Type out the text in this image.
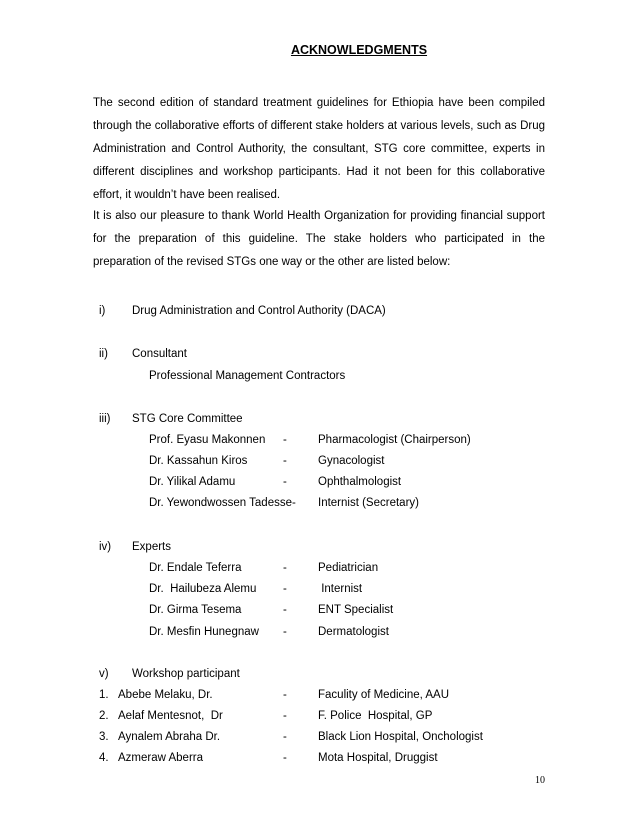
ACKNOWLEDGMENTS

The second edition of standard treatment guidelines for Ethiopia have been compiled through the collaborative efforts of different stake holders at various levels, such as Drug Administration and Control Authority, the consultant, STG core committee, experts in different disciplines and workshop participants. Had it not been for this collaborative effort, it wouldn’t have been realised.

It is also our pleasure to thank World Health Organization for providing financial support for the preparation of this guideline. The stake holders who participated in the preparation of the revised STGs one way or the other are listed below:

i) Drug Administration and Control Authority (DACA)
ii) Consultant
Professional Management Contractors
iii) STG Core Committee
Prof. Eyasu Makonnen -	Pharmacologist (Chairperson)
Dr. Kassahun Kiros	-	Gynacologist
Dr. Yilikal Adamu	-	Ophthalmologist
Dr. Yewondwossen Tadesse- Internist (Secretary)
iv) Experts
Dr. Endale Teferra	-	Pediatrician
Dr.  Hailubeza Alemu -	Internist
Dr. Girma Tesema	-	ENT Specialist
Dr. Mesfin Hunegnaw -	Dermatologist
v) Workshop participant
1. Abebe Melaku, Dr.	-	Faculity of Medicine, AAU
2. Aelaf Mentesnot,  Dr	-	F. Police  Hospital, GP
3. Aynalem Abraha Dr.	-	Black Lion Hospital, Onchologist
4. Azmeraw Aberra	-	Mota Hospital, Druggist
10
